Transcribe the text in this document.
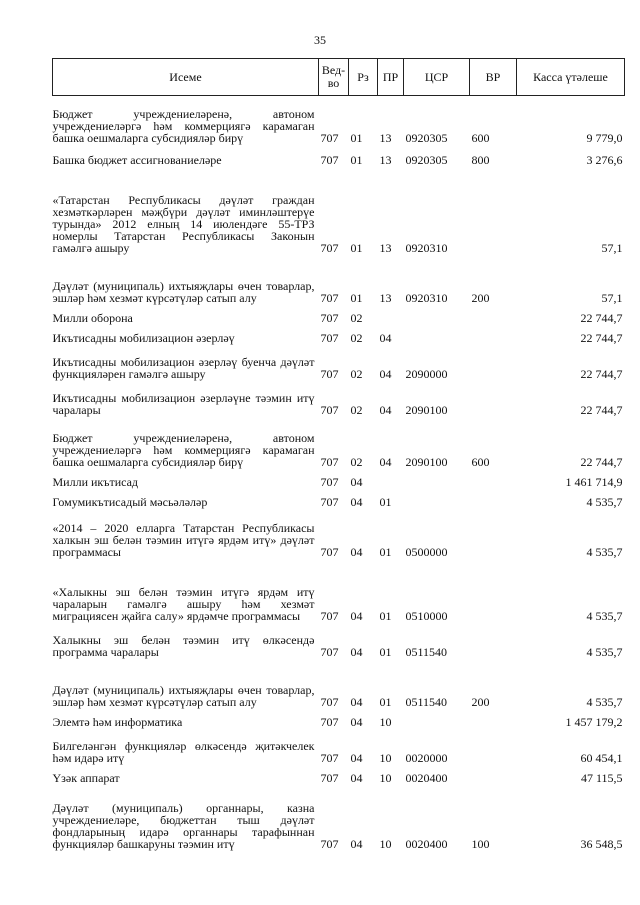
35
Исеме	Вед-во	Рз	ПР	ЦСР	ВР	Касса үтәлеше
Бюджет учреждениеләренә, автоном учреждениеләргә һәм коммерциягә карамаган башка оешмаларга субсидияләр бирү	707	01	13	0920305	600	9 779,0
Башка бюджет ассигнованиеләре	707	01	13	0920305	800	3 276,6
«Татарстан Республикасы дәүләт граждан хезмәткәрләрен мәҗбүри дәүләт иминләштерүе турында» 2012 елның 14 июлендәге 55-ТРЗ номерлы Татарстан Республикасы Законын гамәлгә ашыру	707	01	13	0920310		57,1
Дәүләт (муниципаль) ихтыяҗлары өчен товарлар, эшләр һәм хезмәт күрсәтүләр сатып алу	707	01	13	0920310	200	57,1
Милли оборона	707	02				22 744,7
Икътисадны мобилизацион әзерләү	707	02	04			22 744,7
Икътисадны мобилизацион әзерләү буенча дәүләт функцияләрен гамәлгә ашыру	707	02	04	2090000		22 744,7
Икътисадны мобилизацион әзерләүне тәэмин итү чаралары	707	02	04	2090100		22 744,7
Бюджет учреждениеләренә, автоном учреждениеләргә һәм коммерциягә карамаган башка оешмаларга субсидияләр бирү	707	02	04	2090100	600	22 744,7
Милли икътисад	707	04				1 461 714,9
Гомумикътисадый мәсьәләләр	707	04	01			4 535,7
«2014 – 2020 елларга Татарстан Республикасы халкын эш белән тәэмин итүгә ярдәм итү» дәүләт программасы	707	04	01	0500000		4 535,7
«Халыкны эш белән тәэмин итүгә ярдәм итү чараларын гамәлгә ашыру һәм хезмәт миграциясен җайга салу» ярдәмче программасы	707	04	01	0510000		4 535,7
Халыкны эш белән тәэмин итү өлкәсендә программа чаралары	707	04	01	0511540		4 535,7
Дәүләт (муниципаль) ихтыяҗлары өчен товарлар, эшләр һәм хезмәт күрсәтүләр сатып алу	707	04	01	0511540	200	4 535,7
Элемтә һәм информатика	707	04	10			1 457 179,2
Билгеләнгән функцияләр өлкәсендә җитәкчелек һәм идарә итү	707	04	10	0020000		60 454,1
Үзәк аппарат	707	04	10	0020400		47 115,5
Дәүләт (муниципаль) органнары, казна учреждениеләре, бюджеттан тыш дәүләт фондларының идарә органнары тарафыннан функцияләр башкаруны тәэмин итү	707	04	10	0020400	100	36 548,5
